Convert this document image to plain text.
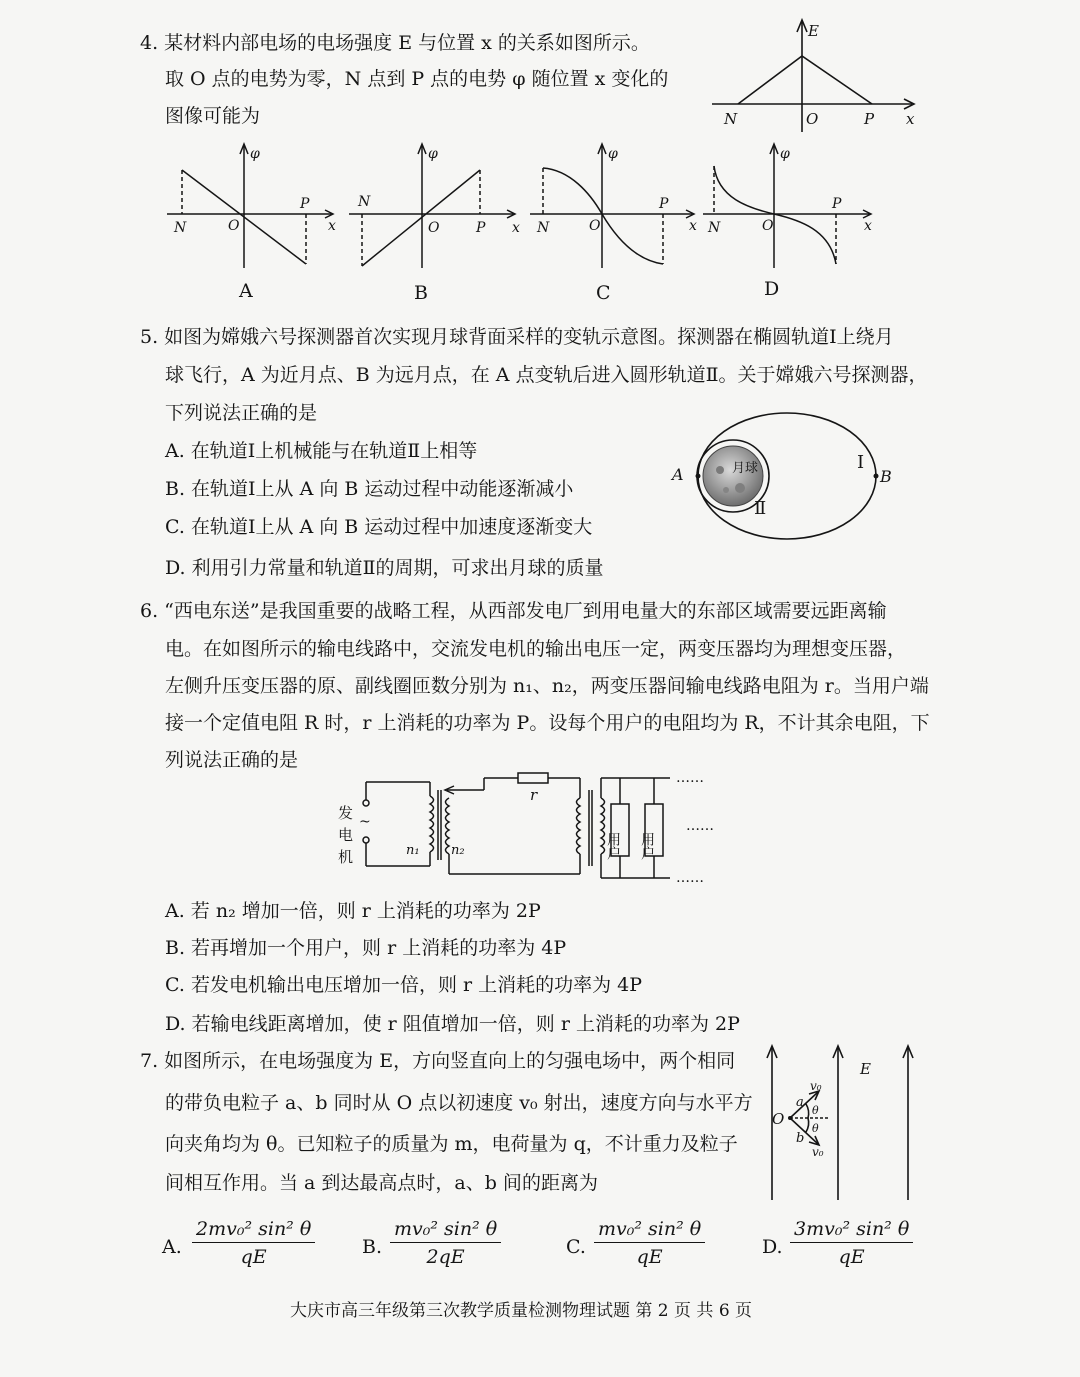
4. 某材料内部电场的电场强度 E 与位置 x 的关系如图所示。
取 O 点的电势为零，N 点到 P 点的电势 φ 随位置 x 变化的
图像可能为
E
N	O	P x
φ
N	O
P
x
A
φ
N
O	P x
B
φ
N	O
P
x
C
φ
N	O
P
x
D
5. 如图为嫦娥六号探测器首次实现月球背面采样的变轨示意图。探测器在椭圆轨道Ⅰ上绕月
球飞行，A 为近月点、B 为远月点，在 A 点变轨后进入圆形轨道Ⅱ。关于嫦娥六号探测器，
下列说法正确的是
A. 在轨道Ⅰ上机械能与在轨道Ⅱ上相等
B. 在轨道Ⅰ上从 A 向 B 运动过程中动能逐渐减小
C. 在轨道Ⅰ上从 A 向 B 运动过程中加速度逐渐变大
D. 利用引力常量和轨道Ⅱ的周期，可求出月球的质量
月球
A	B
Ⅰ
Ⅱ
6. “西电东送”是我国重要的战略工程，从西部发电厂到用电量大的东部区域需要远距离输
电。在如图所示的输电线路中，交流发电机的输出电压一定，两变压器均为理想变压器，
左侧升压变压器的原、副线圈匝数分别为 n₁、n₂，两变压器间输电线路电阻为 r。当用户端
接一个定值电阻 R 时，r 上消耗的功率为 P。设每个用户的电阻均为 R，不计其余电阻，下
列说法正确的是
发
电
机
~
n₁ n₂
r
用户 用户
……
……
……
A. 若 n₂ 增加一倍，则 r 上消耗的功率为 2P
B. 若再增加一个用户，则 r 上消耗的功率为 4P
C. 若发电机输出电压增加一倍，则 r 上消耗的功率为 4P
D. 若输电线距离增加，使 r 阻值增加一倍，则 r 上消耗的功率为 2P
7. 如图所示，在电场强度为 E，方向竖直向上的匀强电场中，两个相同
的带负电粒子 a、b 同时从 O 点以初速度 v₀ 射出，速度方向与水平方
向夹角均为 θ。已知粒子的质量为 m，电荷量为 q，不计重力及粒子
间相互作用。当 a 到达最高点时，a、b 间的距离为
O
a
b
v₀
v₀
θ
θ
E
A. $\frac{\text{2mv₀² sin² θ}}{qE} B$. $\frac{\text{mv₀² sin² θ}}{2qE}$	C. $\frac{\text{mv₀² sin² θ}}{qE}$	D. $\frac{\text{3mv₀² sin² θ}}{qE}$
大庆市高三年级第三次教学质量检测物理试题 第 2 页 共 6 页
